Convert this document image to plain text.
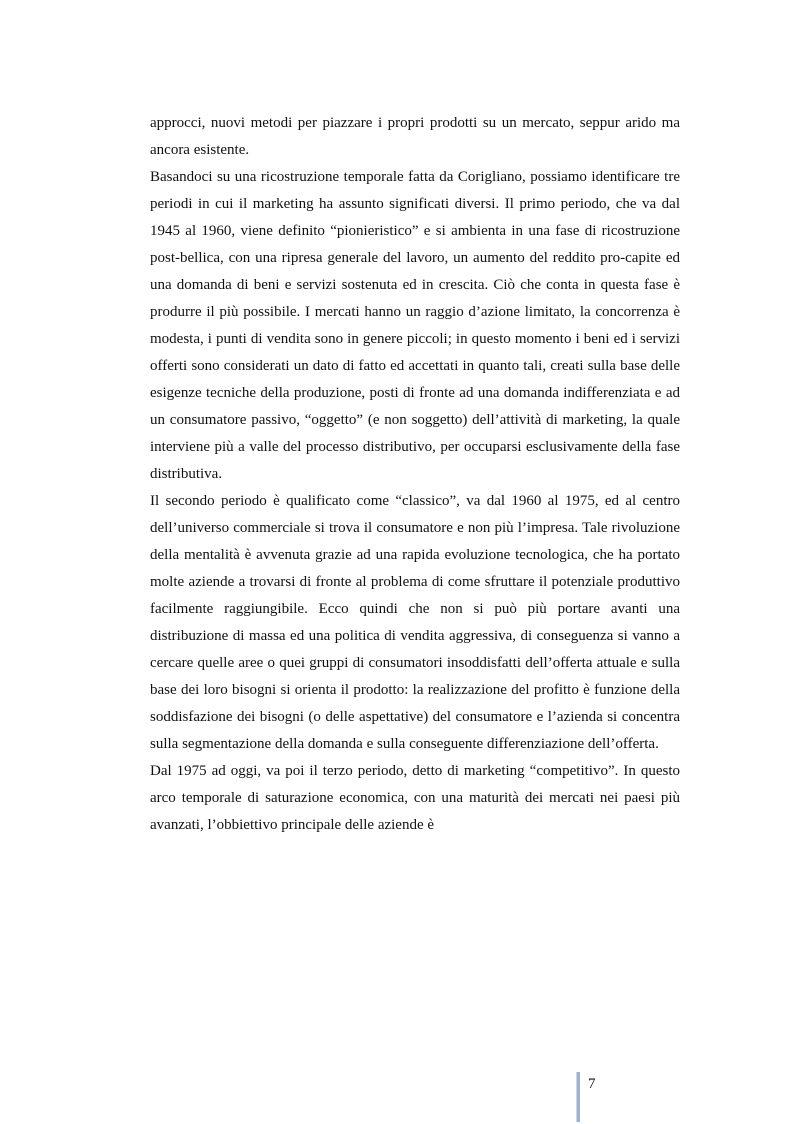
approcci, nuovi metodi per piazzare i propri prodotti su un mercato, seppur arido ma ancora esistente.

Basandoci su una ricostruzione temporale fatta da Corigliano, possiamo identificare tre periodi in cui il marketing ha assunto significati diversi. Il primo periodo, che va dal 1945 al 1960, viene definito “pionieristico” e si ambienta in una fase di ricostruzione post-bellica, con una ripresa generale del lavoro, un aumento del reddito pro-capite ed una domanda di beni e servizi sostenuta ed in crescita. Ciò che conta in questa fase è produrre il più possibile. I mercati hanno un raggio d’azione limitato, la concorrenza è modesta, i punti di vendita sono in genere piccoli; in questo momento i beni ed i servizi offerti sono considerati un dato di fatto ed accettati in quanto tali, creati sulla base delle esigenze tecniche della produzione, posti di fronte ad una domanda indifferenziata e ad un consumatore passivo, “oggetto” (e non soggetto) dell’attività di marketing, la quale interviene più a valle del processo distributivo, per occuparsi esclusivamente della fase distributiva.

Il secondo periodo è qualificato come “classico”, va dal 1960 al 1975, ed al centro dell’universo commerciale si trova il consumatore e non più l’impresa. Tale rivoluzione della mentalità è avvenuta grazie ad una rapida evoluzione tecnologica, che ha portato molte aziende a trovarsi di fronte al problema di come sfruttare il potenziale produttivo facilmente raggiungibile. Ecco quindi che non si può più portare avanti una distribuzione di massa ed una politica di vendita aggressiva, di conseguenza si vanno a cercare quelle aree o quei gruppi di consumatori insoddisfatti dell’offerta attuale e sulla base dei loro bisogni si orienta il prodotto: la realizzazione del profitto è funzione della soddisfazione dei bisogni (o delle aspettative) del consumatore e l’azienda si concentra sulla segmentazione della domanda e sulla conseguente differenziazione dell’offerta.

Dal 1975 ad oggi, va poi il terzo periodo, detto di marketing “competitivo”. In questo arco temporale di saturazione economica, con una maturità dei mercati nei paesi più avanzati, l’obbiettivo principale delle aziende è

7
